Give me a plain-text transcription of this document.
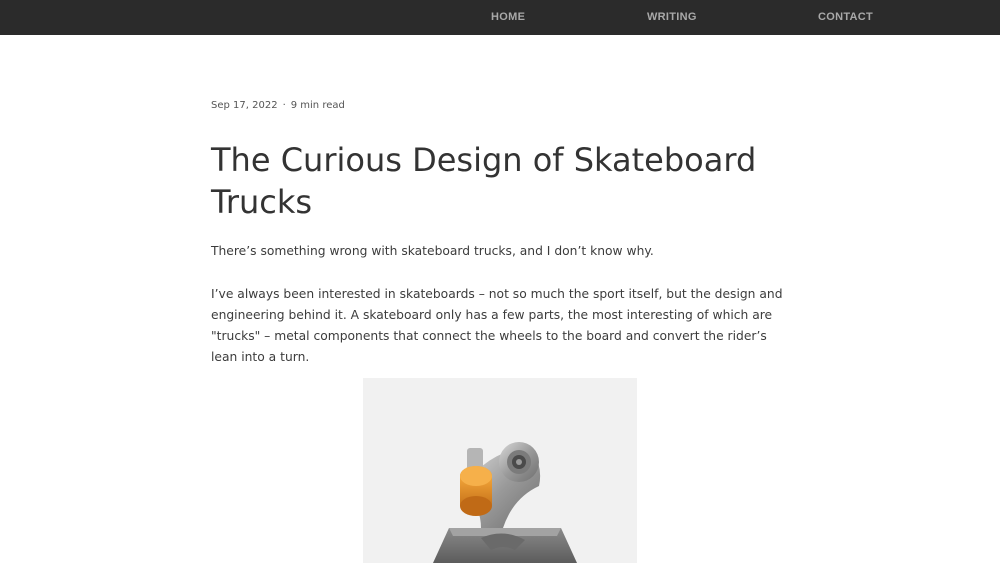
HOME	WRITING	CONTACT
Sep 17, 2022 · 9 min read
The Curious Design of Skateboard Trucks

There’s something wrong with skateboard trucks, and I don’t know why.

I’ve always been interested in skateboards – not so much the sport itself, but the design and engineering behind it. A skateboard only has a few parts, the most interesting of which are "trucks" – metal components that connect the wheels to the board and convert the rider’s lean into a turn.
